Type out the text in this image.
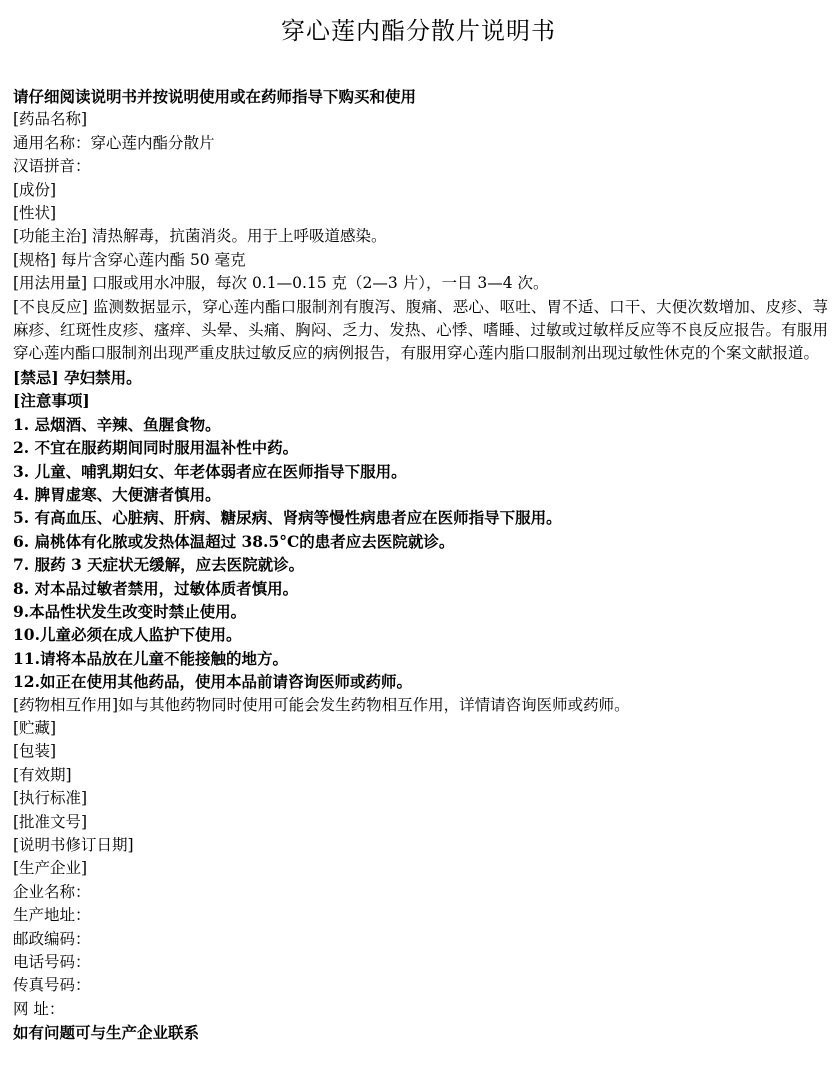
穿心莲内酯分散片说明书
请仔细阅读说明书并按说明使用或在药师指导下购买和使用
[药品名称]
通用名称：穿心莲内酯分散片
汉语拼音：
[成份]
[性状]
[功能主治] 清热解毒，抗菌消炎。用于上呼吸道感染。
[规格] 每片含穿心莲内酯 50 毫克
[用法用量] 口服或用水冲服，每次 0.1—0.15 克（2—3 片），一日 3—4 次。
[不良反应] 监测数据显示，穿心莲内酯口服制剂有腹泻、腹痛、恶心、呕吐、胃不适、口干、大便次数增加、皮疹、荨麻疹、红斑性皮疹、瘙痒、头晕、头痛、胸闷、乏力、发热、心悸、嗜睡、过敏或过敏样反应等不良反应报告。有服用穿心莲内酯口服制剂出现严重皮肤过敏反应的病例报告，有服用穿心莲内脂口服制剂出现过敏性休克的个案文献报道。
[禁忌] 孕妇禁用。
[注意事项]
1. 忌烟酒、辛辣、鱼腥食物。
2. 不宜在服药期间同时服用温补性中药。
3. 儿童、哺乳期妇女、年老体弱者应在医师指导下服用。
4. 脾胃虚寒、大便溏者慎用。
5. 有高血压、心脏病、肝病、糖尿病、肾病等慢性病患者应在医师指导下服用。
6. 扁桃体有化脓或发热体温超过 38.5°C的患者应去医院就诊。
7. 服药 3 天症状无缓解，应去医院就诊。
8. 对本品过敏者禁用，过敏体质者慎用。
9.本品性状发生改变时禁止使用。
10.儿童必须在成人监护下使用。
11.请将本品放在儿童不能接触的地方。
12.如正在使用其他药品，使用本品前请咨询医师或药师。
[药物相互作用]如与其他药物同时使用可能会发生药物相互作用，详情请咨询医师或药师。
[贮藏]
[包装]
[有效期]
[执行标准]
[批准文号]
[说明书修订日期]
[生产企业]
企业名称：
生产地址：
邮政编码：
电话号码：
传真号码：
网 址：
如有问题可与生产企业联系
